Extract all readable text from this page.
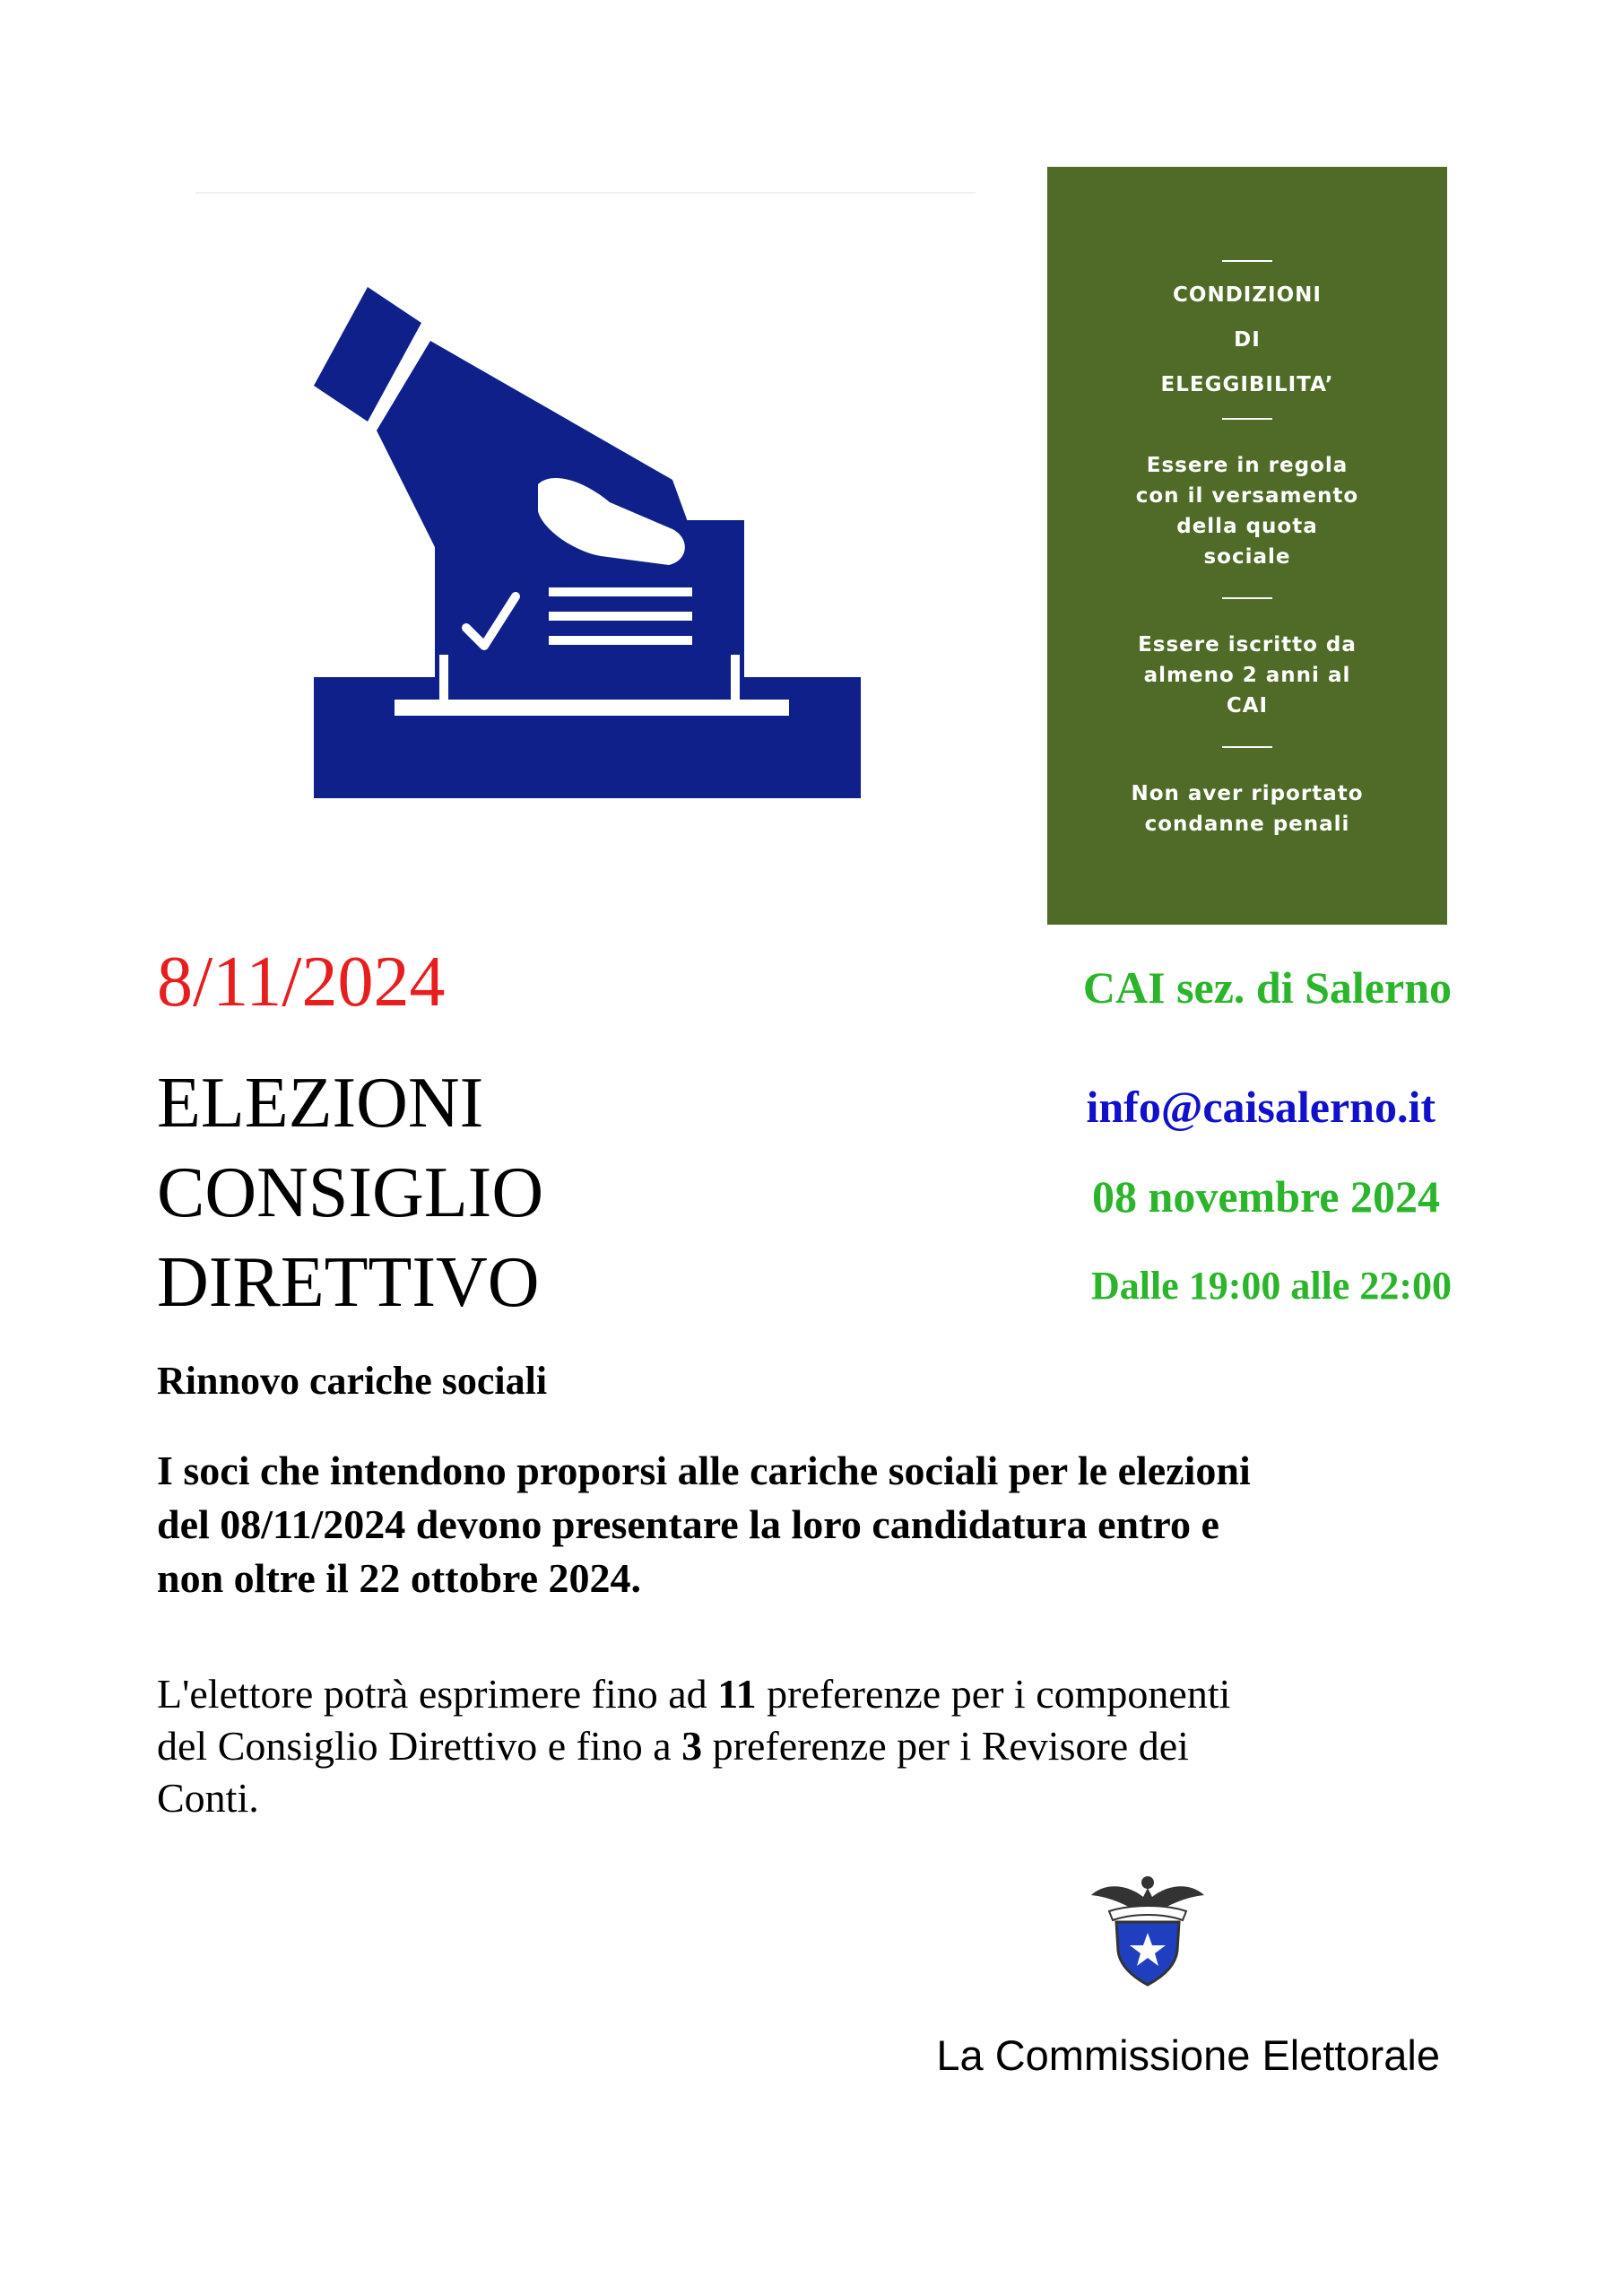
CONDIZIONI
DI
ELEGGIBILITA’
Essere in regola
con il versamento
della quota
sociale
Essere iscritto da
almeno 2 anni al
CAI
Non aver riportato
condanne penali
8/11/2024
ELEZIONI
CONSIGLIO
DIRETTIVO
Rinnovo cariche sociali
I soci che intendono proporsi alle cariche sociali per le elezioni
del 08/11/2024 devono presentare la loro candidatura entro e
non oltre il 22 ottobre 2024.
L'elettore potrà esprimere fino ad 11 preferenze per i componenti
del Consiglio Direttivo e fino a 3 preferenze per i Revisore dei
Conti.
CAI sez. di Salerno
info@caisalerno.it
08 novembre 2024
Dalle 19:00 alle 22:00
La Commissione Elettorale
